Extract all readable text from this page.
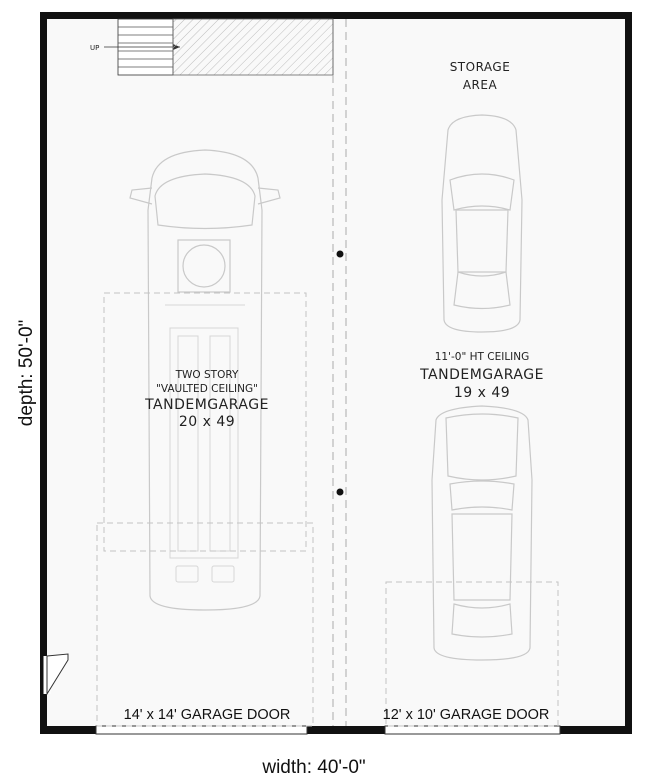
UP
STORAGE
AREA
TWO STORY
"VAULTED CEILING"
TANDEMGARAGE
20 x 49
11'-0" HT CEILING
TANDEMGARAGE
19 x 49
14' x 14' GARAGE DOOR	12' x 10' GARAGE DOOR
width: 40'-0"
depth: 50'-0"
